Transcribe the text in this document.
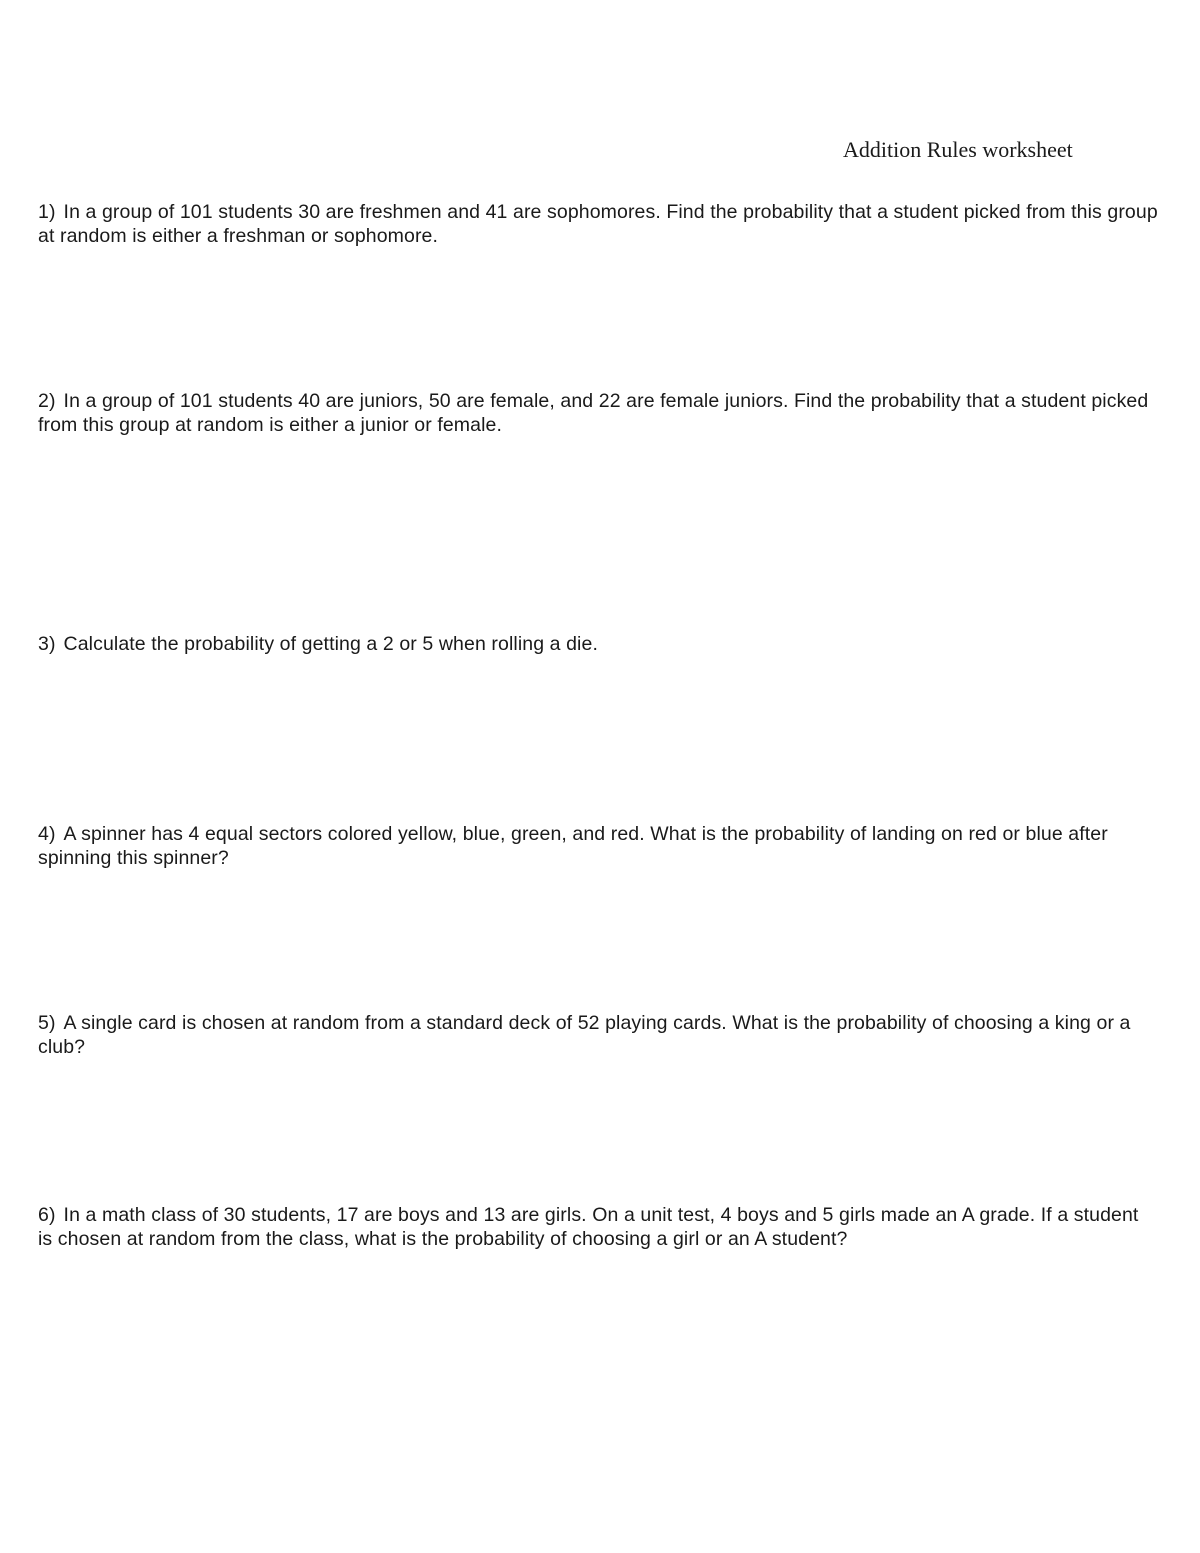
Addition Rules worksheet
1) In a group of 101 students 30 are freshmen and 41 are sophomores. Find the probability that a student picked from this group at random is either a freshman or sophomore.
2) In a group of 101 students 40 are juniors, 50 are female, and 22 are female juniors. Find the probability that a student picked from this group at random is either a junior or female.
3) Calculate the probability of getting a 2 or 5 when rolling a die.
4) A spinner has 4 equal sectors colored yellow, blue, green, and red. What is the probability of landing on red or blue after spinning this spinner?
5) A single card is chosen at random from a standard deck of 52 playing cards. What is the probability of choosing a king or a club?
6) In a math class of 30 students, 17 are boys and 13 are girls. On a unit test, 4 boys and 5 girls made an A grade. If a student is chosen at random from the class, what is the probability of choosing a girl or an A student?
